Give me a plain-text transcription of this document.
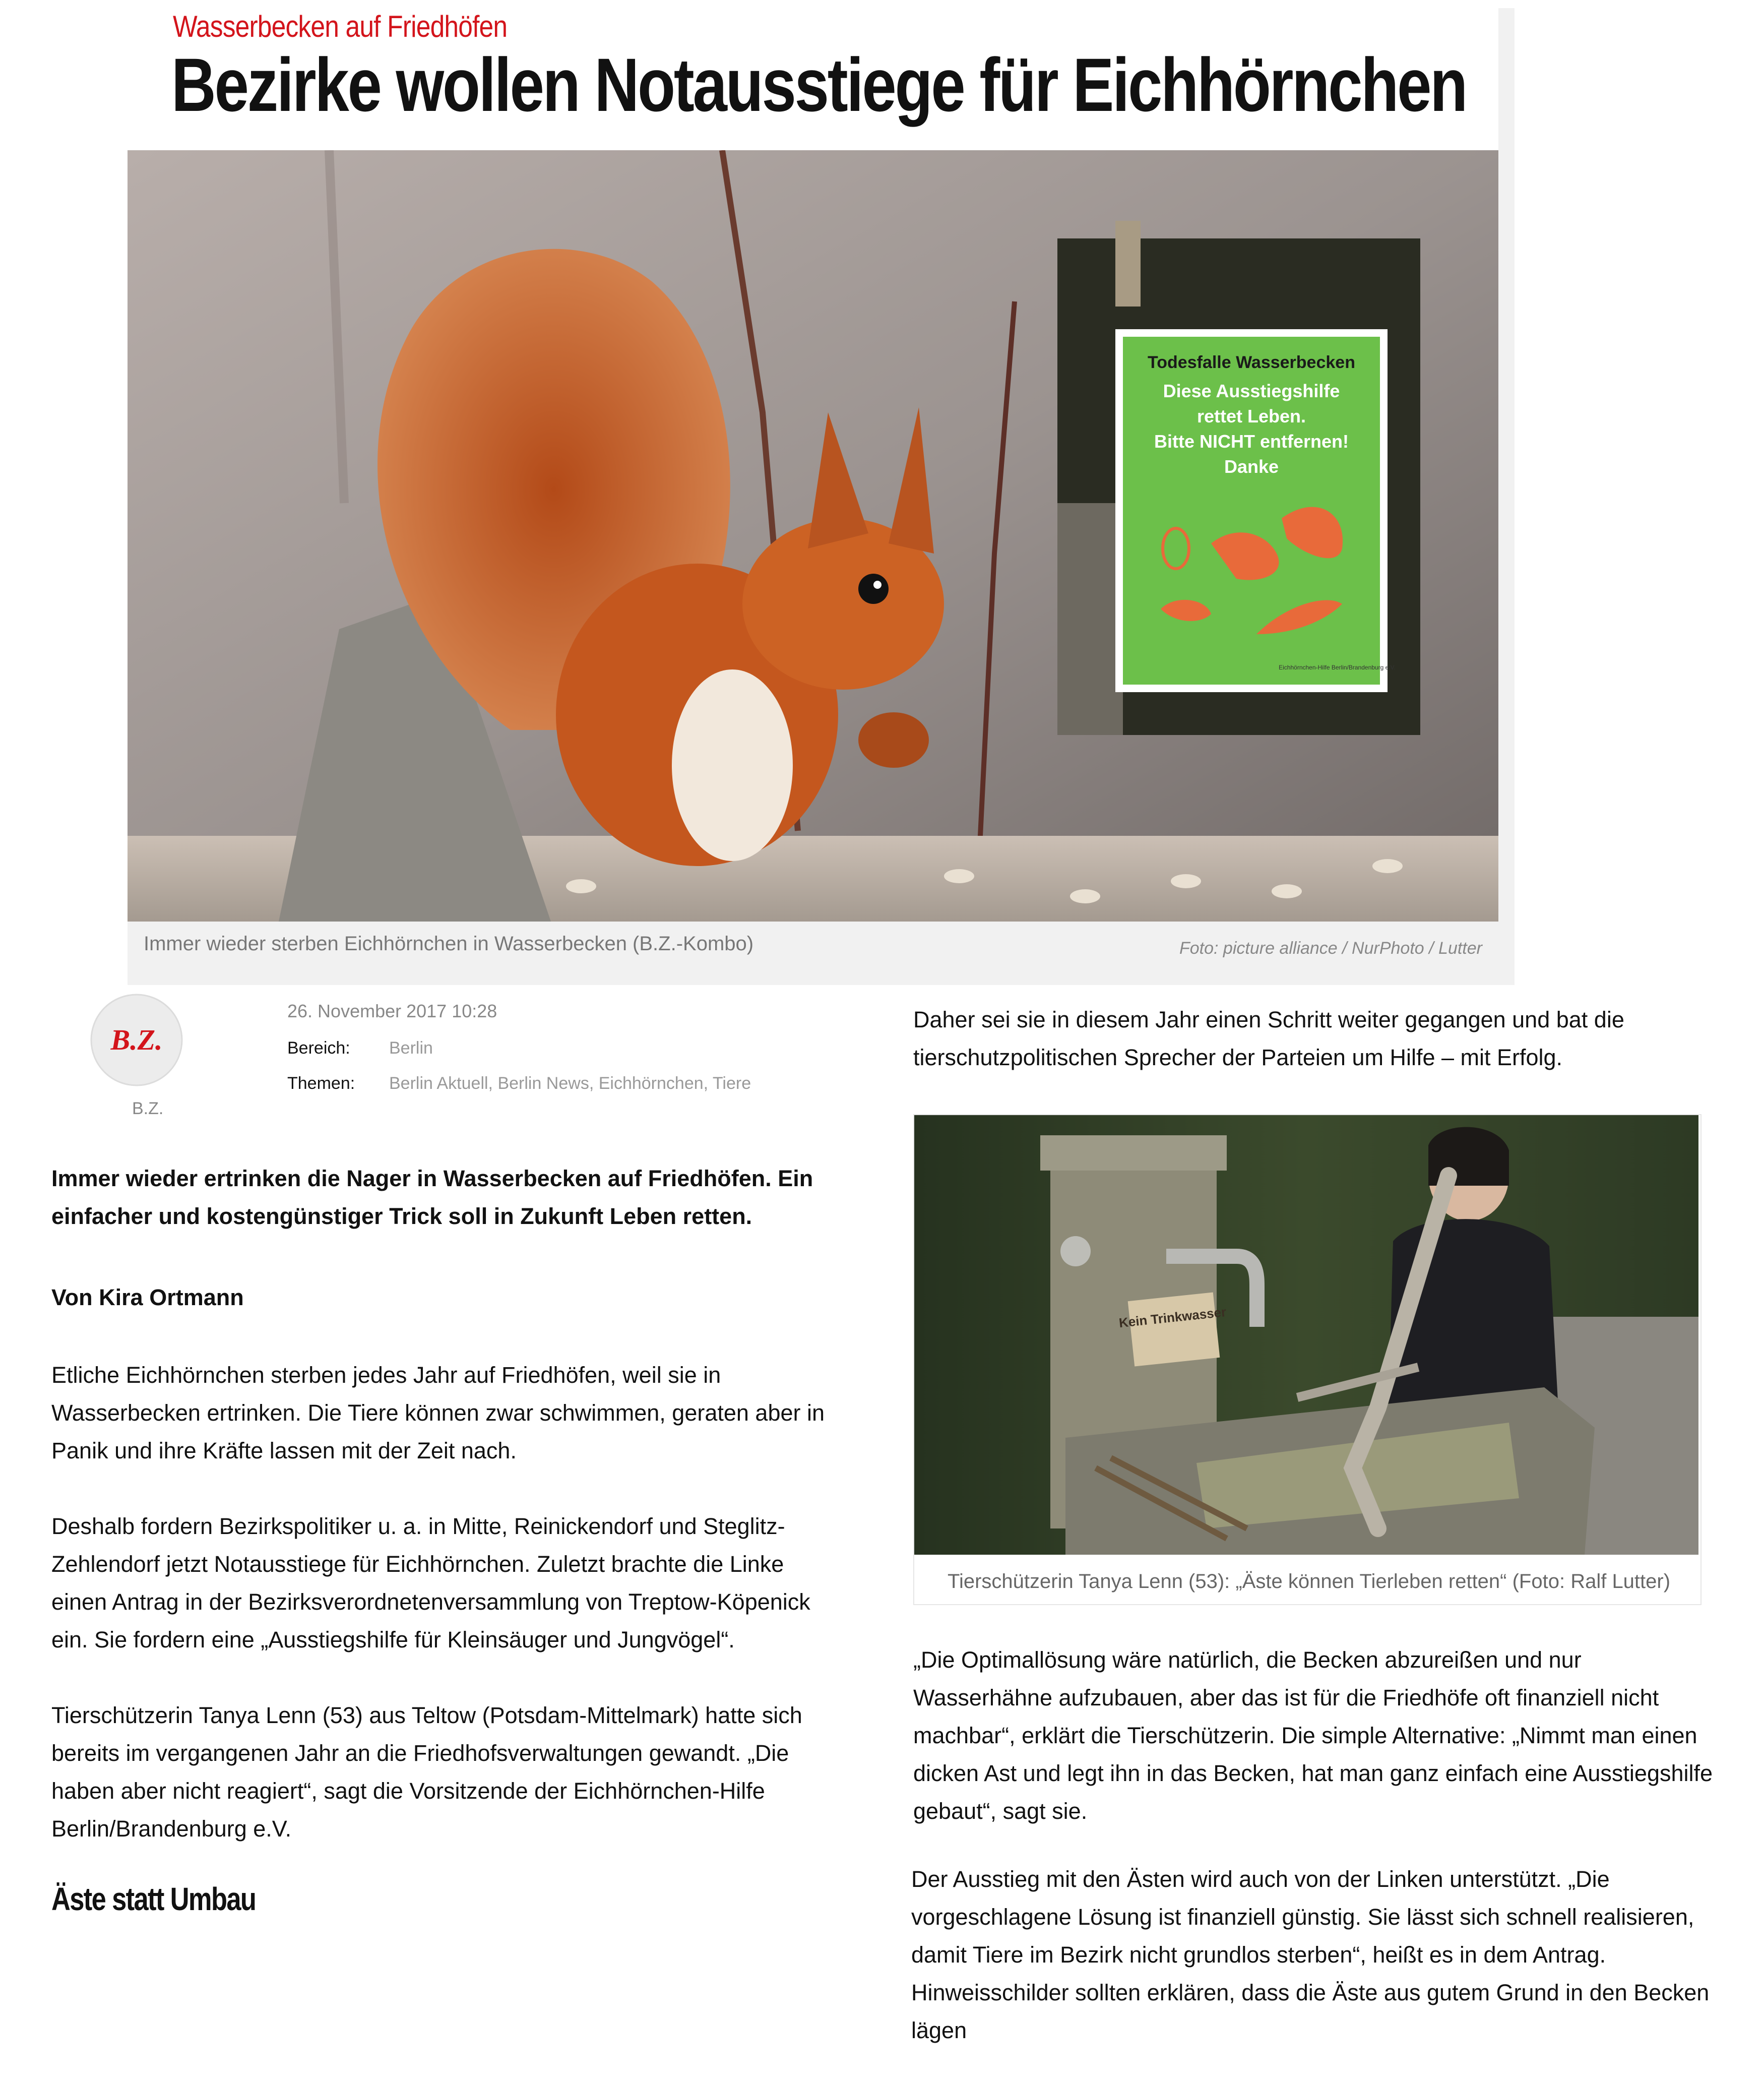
Wasserbecken auf Friedhöfen
Bezirke wollen Notausstiege für Eichhörnchen
Todesfalle Wasserbecken
Diese Ausstiegshilfe
rettet Leben.
Bitte NICHT entfernen!
Danke
Eichhörnchen-Hilfe Berlin/Brandenburg e.V.
Immer wieder sterben Eichhörnchen in Wasserbecken (B.Z.-Kombo)	Foto: picture alliance / NurPhoto / Lutter
B.Z.
B.Z.
26. November 2017 10:28
Bereich: Berlin
Themen: Berlin Aktuell, Berlin News, Eichhörnchen, Tiere
Immer wieder ertrinken die Nager in Wasserbecken auf Friedhöfen. Ein einfacher und kostengünstiger Trick soll in Zukunft Leben retten.
Von Kira Ortmann
Etliche Eichhörnchen sterben jedes Jahr auf Friedhöfen, weil sie in Wasserbecken ertrinken. Die Tiere können zwar schwimmen, geraten aber in Panik und ihre Kräfte lassen mit der Zeit nach.
Deshalb fordern Bezirkspolitiker u. a. in Mitte, Reinickendorf und Steglitz-Zehlendorf jetzt Notausstiege für Eichhörnchen. Zuletzt brachte die Linke einen Antrag in der Bezirksverordnetenversammlung von Treptow-Köpenick ein. Sie fordern eine „Ausstiegshilfe für Kleinsäuger und Jungvögel“.
Tierschützerin Tanya Lenn (53) aus Teltow (Potsdam-Mittelmark) hatte sich bereits im vergangenen Jahr an die Friedhofsverwaltungen gewandt. „Die haben aber nicht reagiert“, sagt die Vorsitzende der Eichhörnchen-Hilfe Berlin/Brandenburg e.V.
Äste statt Umbau
Daher sei sie in diesem Jahr einen Schritt weiter gegangen und bat die tierschutzpolitischen Sprecher der Parteien um Hilfe – mit Erfolg.
Kein Trinkwasser
Tierschützerin Tanya Lenn (53): „Äste können Tierleben retten“ (Foto: Ralf Lutter)
„Die Optimallösung wäre natürlich, die Becken abzureißen und nur Wasserhähne aufzubauen, aber das ist für die Friedhöfe oft finanziell nicht machbar“, erklärt die Tierschützerin. Die simple Alternative: „Nimmt man einen dicken Ast und legt ihn in das Becken, hat man ganz einfach eine Ausstiegshilfe gebaut“, sagt sie.
Der Ausstieg mit den Ästen wird auch von der Linken unterstützt. „Die vorgeschlagene Lösung ist finanziell günstig. Sie lässt sich schnell realisieren, damit Tiere im Bezirk nicht grundlos sterben“, heißt es in dem Antrag. Hinweisschilder sollten erklären, dass die Äste aus gutem Grund in den Becken lägen
